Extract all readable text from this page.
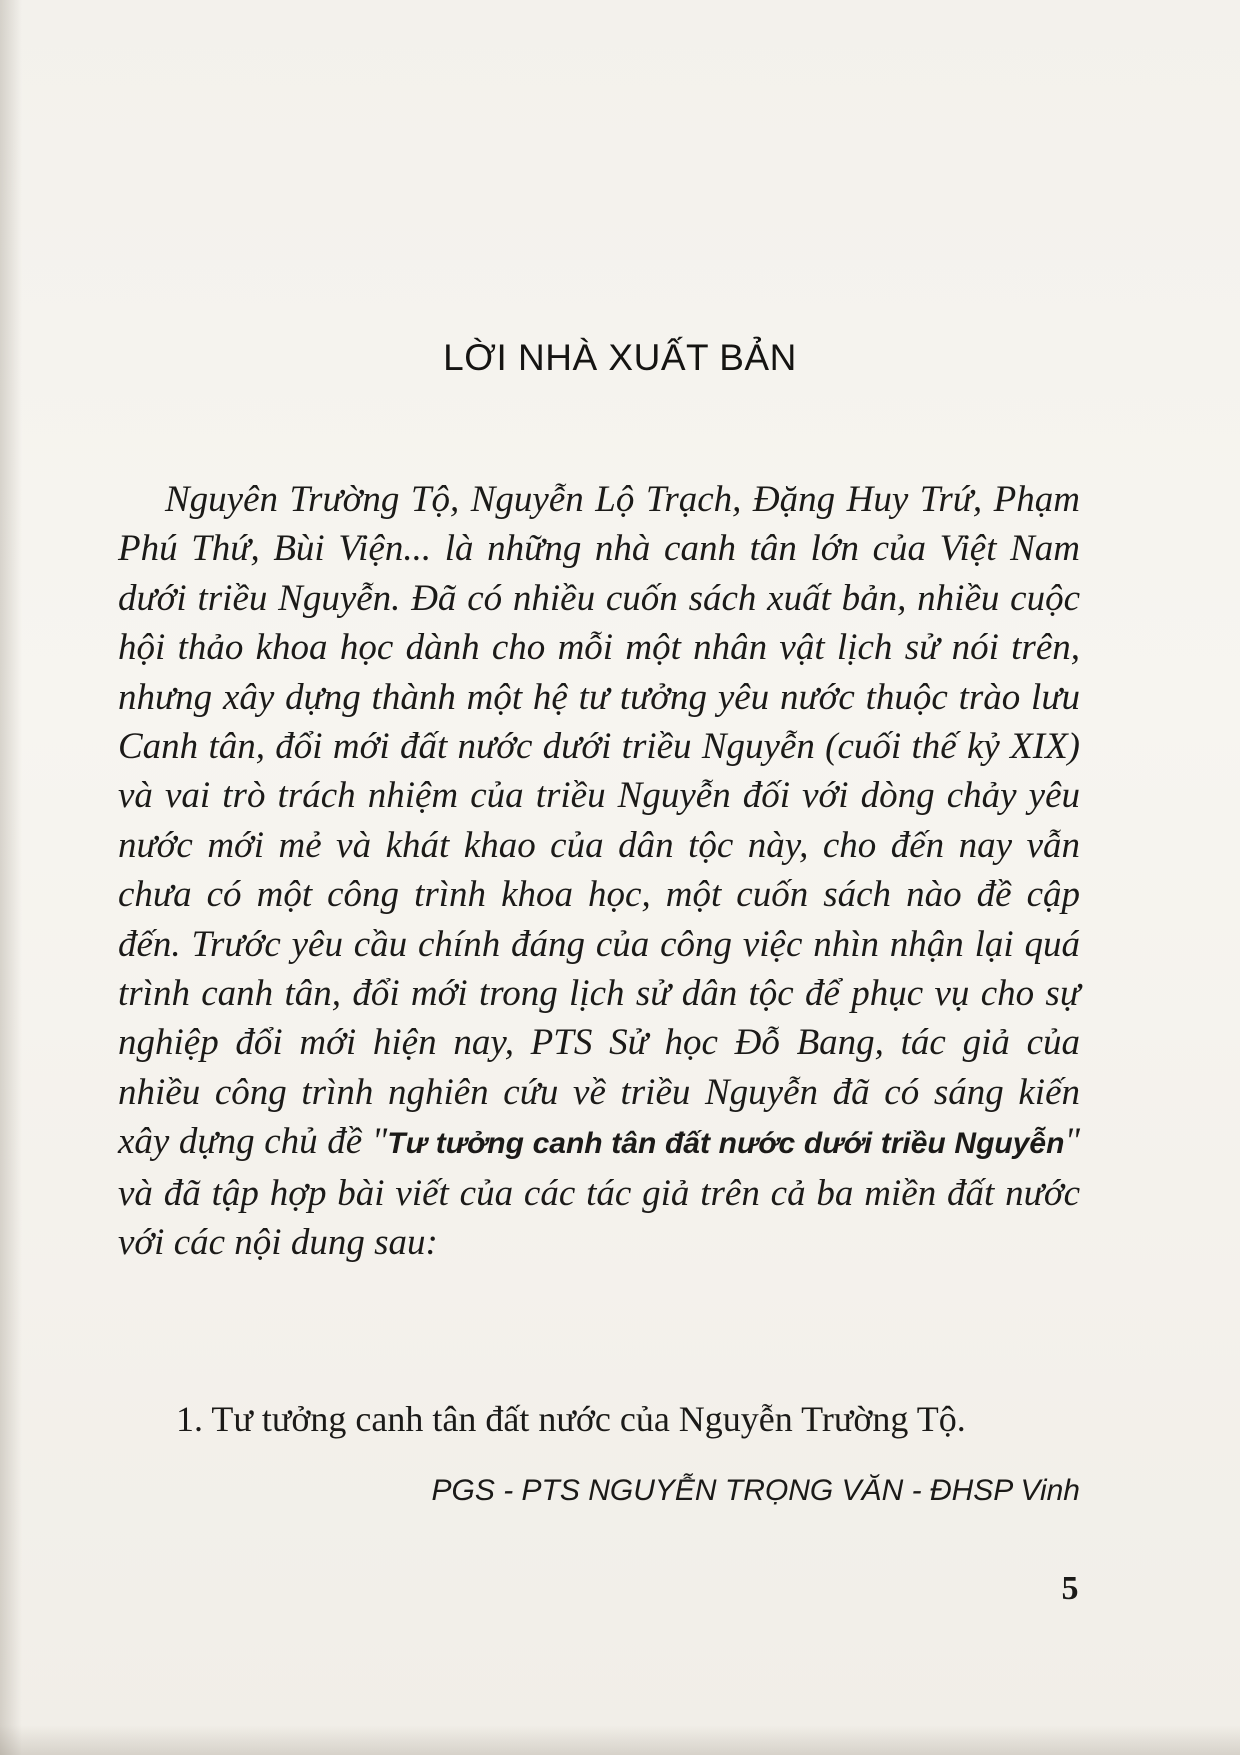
LỜI NHÀ XUẤT BẢN

Nguyên Trường Tộ, Nguyễn Lộ Trạch, Đặng Huy Trứ, Phạm Phú Thứ, Bùi Viện... là những nhà canh tân lớn của Việt Nam dưới triều Nguyễn. Đã có nhiều cuốn sách xuất bản, nhiều cuộc hội thảo khoa học dành cho mỗi một nhân vật lịch sử nói trên, nhưng xây dựng thành một hệ tư tưởng yêu nước thuộc trào lưu Canh tân, đổi mới đất nước dưới triều Nguyễn (cuối thế kỷ XIX) và vai trò trách nhiệm của triều Nguyễn đối với dòng chảy yêu nước mới mẻ và khát khao của dân tộc này, cho đến nay vẫn chưa có một công trình khoa học, một cuốn sách nào đề cập đến. Trước yêu cầu chính đáng của công việc nhìn nhận lại quá trình canh tân, đổi mới trong lịch sử dân tộc để phục vụ cho sự nghiệp đổi mới hiện nay, PTS Sử học Đỗ Bang, tác giả của nhiều công trình nghiên cứu về triều Nguyễn đã có sáng kiến xây dựng chủ đề "Tư tưởng canh tân đất nước dưới triều Nguyễn" và đã tập hợp bài viết của các tác giả trên cả ba miền đất nước với các nội dung sau:

1. Tư tưởng canh tân đất nước của Nguyễn Trường Tộ.
PGS - PTS NGUYỄN TRỌNG VĂN - ĐHSP Vinh
5
